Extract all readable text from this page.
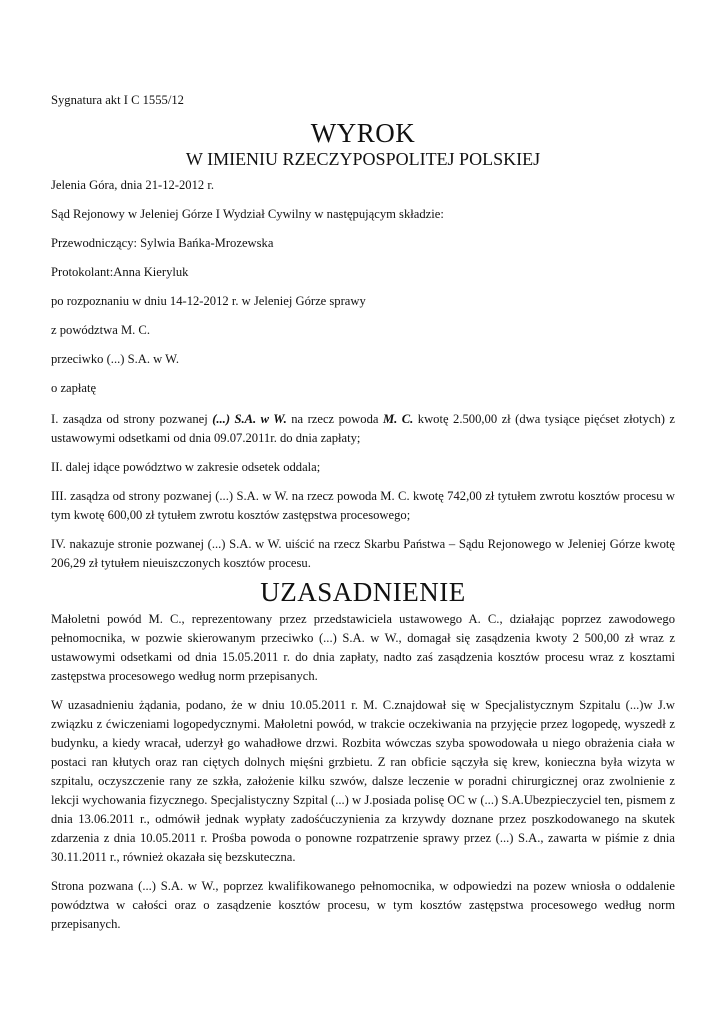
Sygnatura akt I C 1555/12

WYROK
W IMIENIU RZECZYPOSPOLITEJ POLSKIEJ

Jelenia Góra, dnia 21-12-2012 r.

Sąd Rejonowy w Jeleniej Górze I Wydział Cywilny w następującym składzie:

Przewodniczący: Sylwia Bańka-Mrozewska

Protokolant:Anna Kieryluk

po rozpoznaniu w dniu 14-12-2012 r. w Jeleniej Górze sprawy

z powództwa M. C.

przeciwko (...) S.A. w W.

o zapłatę

I. zasądza od strony pozwanej (...) S.A. w W. na rzecz powoda M. C. kwotę 2.500,00 zł (dwa tysiące pięćset złotych) z ustawowymi odsetkami od dnia 09.07.2011r. do dnia zapłaty;

II. dalej idące powództwo w zakresie odsetek oddala;

III. zasądza od strony pozwanej (...) S.A. w W. na rzecz powoda M. C. kwotę 742,00 zł tytułem zwrotu kosztów procesu w tym kwotę 600,00 zł tytułem zwrotu kosztów zastępstwa procesowego;

IV. nakazuje stronie pozwanej (...) S.A. w W. uiścić na rzecz Skarbu Państwa – Sądu Rejonowego w Jeleniej Górze kwotę 206,29 zł tytułem nieuiszczonych kosztów procesu.

UZASADNIENIE

Małoletni powód M. C., reprezentowany przez przedstawiciela ustawowego A. C., działając poprzez zawodowego pełnomocnika, w pozwie skierowanym przeciwko (...) S.A. w W., domagał się zasądzenia kwoty 2 500,00 zł wraz z ustawowymi odsetkami od dnia 15.05.2011 r. do dnia zapłaty, nadto zaś zasądzenia kosztów procesu wraz z kosztami zastępstwa procesowego według norm przepisanych.

W uzasadnieniu żądania, podano, że w dniu 10.05.2011 r. M. C.znajdował się w Specjalistycznym Szpitalu (...)w J.w związku z ćwiczeniami logopedycznymi. Małoletni powód, w trakcie oczekiwania na przyjęcie przez logopedę, wyszedł z budynku, a kiedy wracał, uderzył go wahadłowe drzwi. Rozbita wówczas szyba spowodowała u niego obrażenia ciała w postaci ran kłutych oraz ran ciętych dolnych mięśni grzbietu. Z ran obficie sączyła się krew, konieczna była wizyta w szpitalu, oczyszczenie rany ze szkła, założenie kilku szwów, dalsze leczenie w poradni chirurgicznej oraz zwolnienie z lekcji wychowania fizycznego. Specjalistyczny Szpital (...) w J.posiada polisę OC w (...) S.A.Ubezpieczyciel ten, pismem z dnia 13.06.2011 r., odmówił jednak wypłaty zadośćuczynienia za krzywdy doznane przez poszkodowanego na skutek zdarzenia z dnia 10.05.2011 r. Prośba powoda o ponowne rozpatrzenie sprawy przez (...) S.A., zawarta w piśmie z dnia 30.11.2011 r., również okazała się bezskuteczna.

Strona pozwana (...) S.A. w W., poprzez kwalifikowanego pełnomocnika, w odpowiedzi na pozew wniosła o oddalenie powództwa w całości oraz o zasądzenie kosztów procesu, w tym kosztów zastępstwa procesowego według norm przepisanych.
